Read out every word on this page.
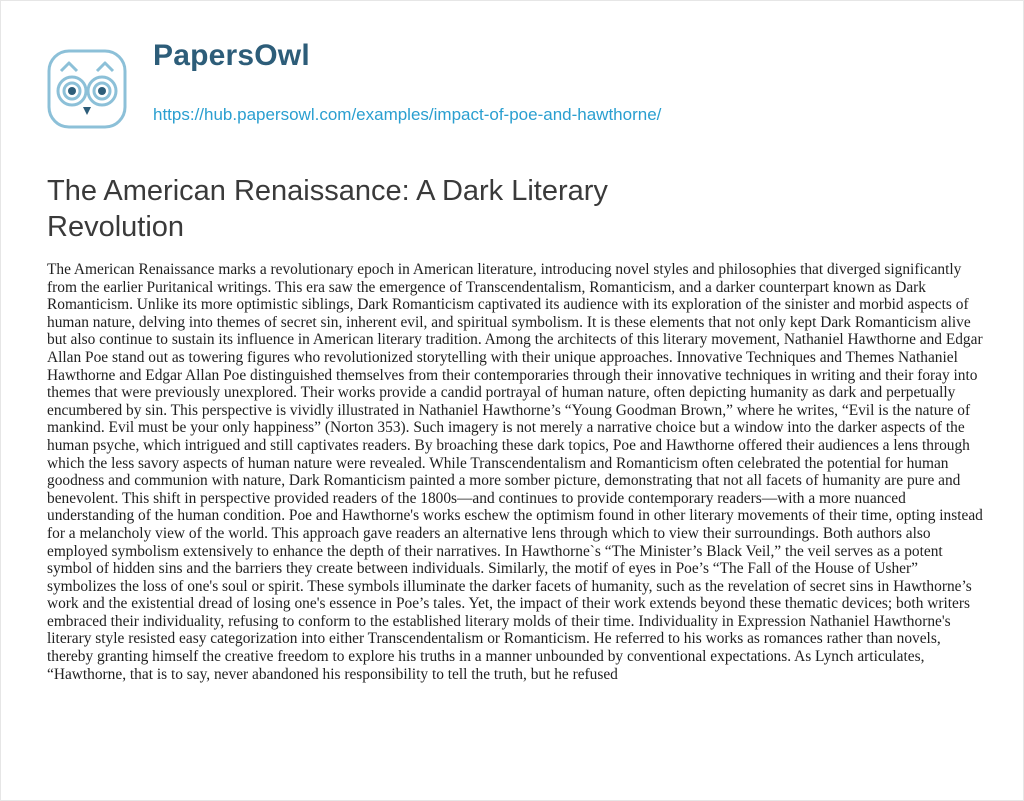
PapersOwl
https://hub.papersowl.com/examples/impact-of-poe-and-hawthorne/
The American Renaissance: A Dark Literary Revolution

The American Renaissance marks a revolutionary epoch in American literature, introducing novel styles and philosophies that diverged significantly from the earlier Puritanical writings. This era saw the emergence of Transcendentalism, Romanticism, and a darker counterpart known as Dark Romanticism. Unlike its more optimistic siblings, Dark Romanticism captivated its audience with its exploration of the sinister and morbid aspects of human nature, delving into themes of secret sin, inherent evil, and spiritual symbolism. It is these elements that not only kept Dark Romanticism alive but also continue to sustain its influence in American literary tradition. Among the architects of this literary movement, Nathaniel Hawthorne and Edgar Allan Poe stand out as towering figures who revolutionized storytelling with their unique approaches. Innovative Techniques and Themes Nathaniel Hawthorne and Edgar Allan Poe distinguished themselves from their contemporaries through their innovative techniques in writing and their foray into themes that were previously unexplored. Their works provide a candid portrayal of human nature, often depicting humanity as dark and perpetually encumbered by sin. This perspective is vividly illustrated in Nathaniel Hawthorne’s “Young Goodman Brown,” where he writes, “Evil is the nature of mankind. Evil must be your only happiness” (Norton 353). Such imagery is not merely a narrative choice but a window into the darker aspects of the human psyche, which intrigued and still captivates readers. By broaching these dark topics, Poe and Hawthorne offered their audiences a lens through which the less savory aspects of human nature were revealed. While Transcendentalism and Romanticism often celebrated the potential for human goodness and communion with nature, Dark Romanticism painted a more somber picture, demonstrating that not all facets of humanity are pure and benevolent. This shift in perspective provided readers of the 1800s—and continues to provide contemporary readers—with a more nuanced understanding of the human condition. Poe and Hawthorne's works eschew the optimism found in other literary movements of their time, opting instead for a melancholy view of the world. This approach gave readers an alternative lens through which to view their surroundings. Both authors also employed symbolism extensively to enhance the depth of their narratives. In Hawthorne`s “The Minister’s Black Veil,” the veil serves as a potent symbol of hidden sins and the barriers they create between individuals. Similarly, the motif of eyes in Poe’s “The Fall of the House of Usher” symbolizes the loss of one's soul or spirit. These symbols illuminate the darker facets of humanity, such as the revelation of secret sins in Hawthorne’s work and the existential dread of losing one's essence in Poe’s tales. Yet, the impact of their work extends beyond these thematic devices; both writers embraced their individuality, refusing to conform to the established literary molds of their time. Individuality in Expression Nathaniel Hawthorne's literary style resisted easy categorization into either Transcendentalism or Romanticism. He referred to his works as romances rather than novels, thereby granting himself the creative freedom to explore his truths in a manner unbounded by conventional expectations. As Lynch articulates, “Hawthorne, that is to say, never abandoned his responsibility to tell the truth, but he refused
